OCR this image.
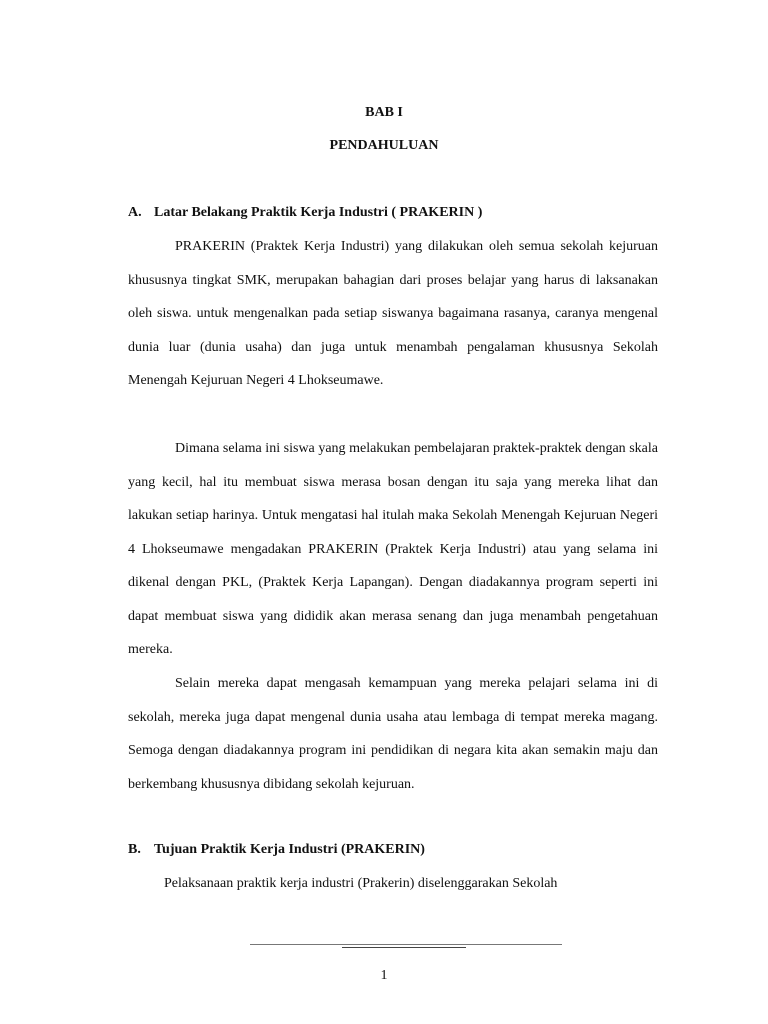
BAB I
PENDAHULUAN
A. Latar Belakang Praktik Kerja Industri ( PRAKERIN )

PRAKERIN (Praktek Kerja Industri) yang dilakukan oleh semua sekolah kejuruan khususnya tingkat SMK, merupakan bahagian dari proses belajar yang harus di laksanakan oleh siswa. untuk mengenalkan pada setiap siswanya bagaimana rasanya, caranya mengenal dunia luar (dunia usaha) dan juga untuk menambah pengalaman khususnya Sekolah Menengah Kejuruan Negeri 4 Lhokseumawe.

Dimana selama ini siswa yang melakukan pembelajaran praktek-praktek dengan skala yang kecil, hal itu membuat siswa merasa bosan dengan itu saja yang mereka lihat dan lakukan setiap harinya. Untuk mengatasi hal itulah maka Sekolah Menengah Kejuruan Negeri 4 Lhokseumawe mengadakan PRAKERIN (Praktek Kerja Industri) atau yang selama ini dikenal dengan PKL, (Praktek Kerja Lapangan). Dengan diadakannya program seperti ini dapat membuat siswa yang dididik akan merasa senang dan juga menambah pengetahuan mereka.

Selain mereka dapat mengasah kemampuan yang mereka pelajari selama ini di sekolah, mereka juga dapat mengenal dunia usaha atau lembaga di tempat mereka magang. Semoga dengan diadakannya program ini pendidikan di negara kita akan semakin maju dan berkembang khususnya dibidang sekolah kejuruan.

B. Tujuan Praktik Kerja Industri (PRAKERIN)

Pelaksanaan praktik kerja industri (Prakerin) diselenggarakan Sekolah

1
